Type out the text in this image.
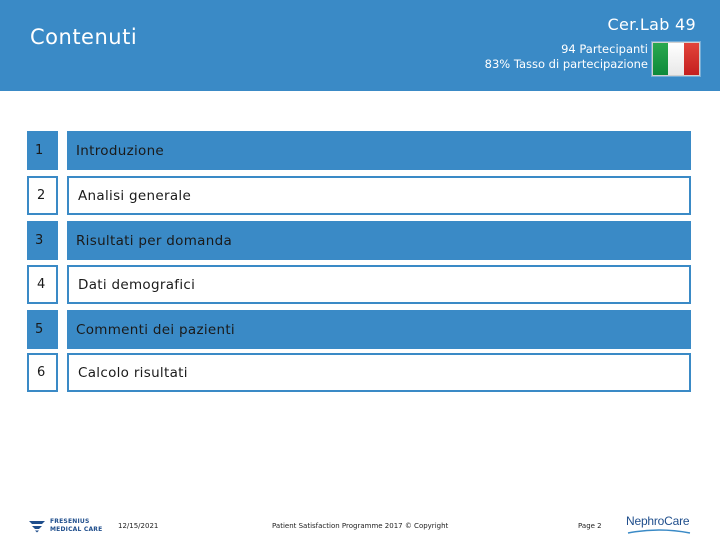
Contenuti
Cer.Lab 49
94 Partecipanti
83% Tasso di partecipazione
1	Introduzione
2	Analisi generale
3	Risultati per domanda
4	Dati demografici
5	Commenti dei pazienti
6	Calcolo risultati
FRESENIUS
MEDICAL CARE 12/15/2021	Patient Satisfaction Programme 2017 © Copyright	Page 2 NephroCare
